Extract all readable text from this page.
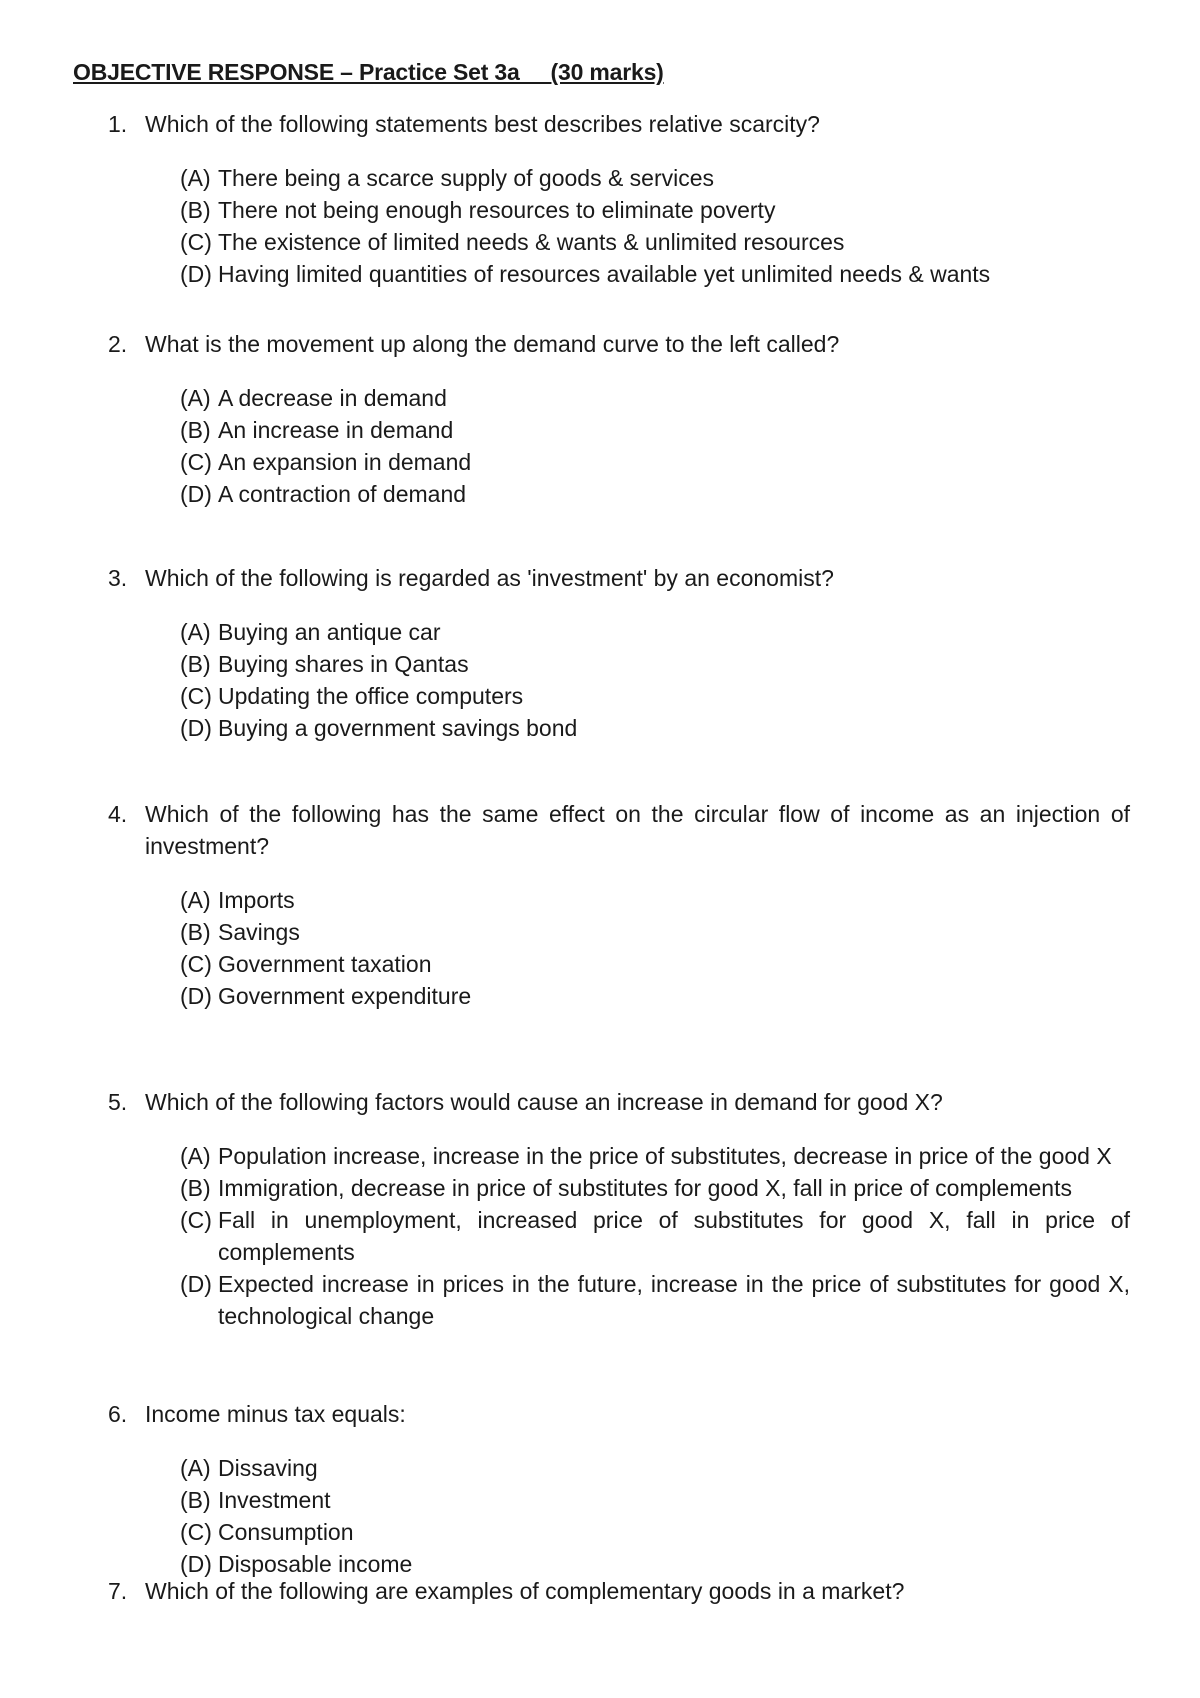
OBJECTIVE RESPONSE – Practice Set 3a     (30 marks)
1. Which of the following statements best describes relative scarcity?
(A) There being a scarce supply of goods & services
(B) There not being enough resources to eliminate poverty
(C) The existence of limited needs & wants & unlimited resources
(D) Having limited quantities of resources available yet unlimited needs & wants
2. What is the movement up along the demand curve to the left called?
(A) A decrease in demand
(B) An increase in demand
(C) An expansion in demand
(D) A contraction of demand
3. Which of the following is regarded as 'investment' by an economist?
(A) Buying an antique car
(B) Buying shares in Qantas
(C) Updating the office computers
(D) Buying a government savings bond
4. Which of the following has the same effect on the circular flow of income as an injection of investment?
(A) Imports
(B) Savings
(C) Government taxation
(D) Government expenditure
5. Which of the following factors would cause an increase in demand for good X?
(A) Population increase, increase in the price of substitutes, decrease in price of the good X
(B) Immigration, decrease in price of substitutes for good X, fall in price of complements
(C) Fall in unemployment, increased price of substitutes for good X, fall in price of complements
(D) Expected increase in prices in the future, increase in the price of substitutes for good X, technological change
6. Income minus tax equals:
(A) Dissaving
(B) Investment
(C) Consumption
(D) Disposable income
7. Which of the following are examples of complementary goods in a market?
